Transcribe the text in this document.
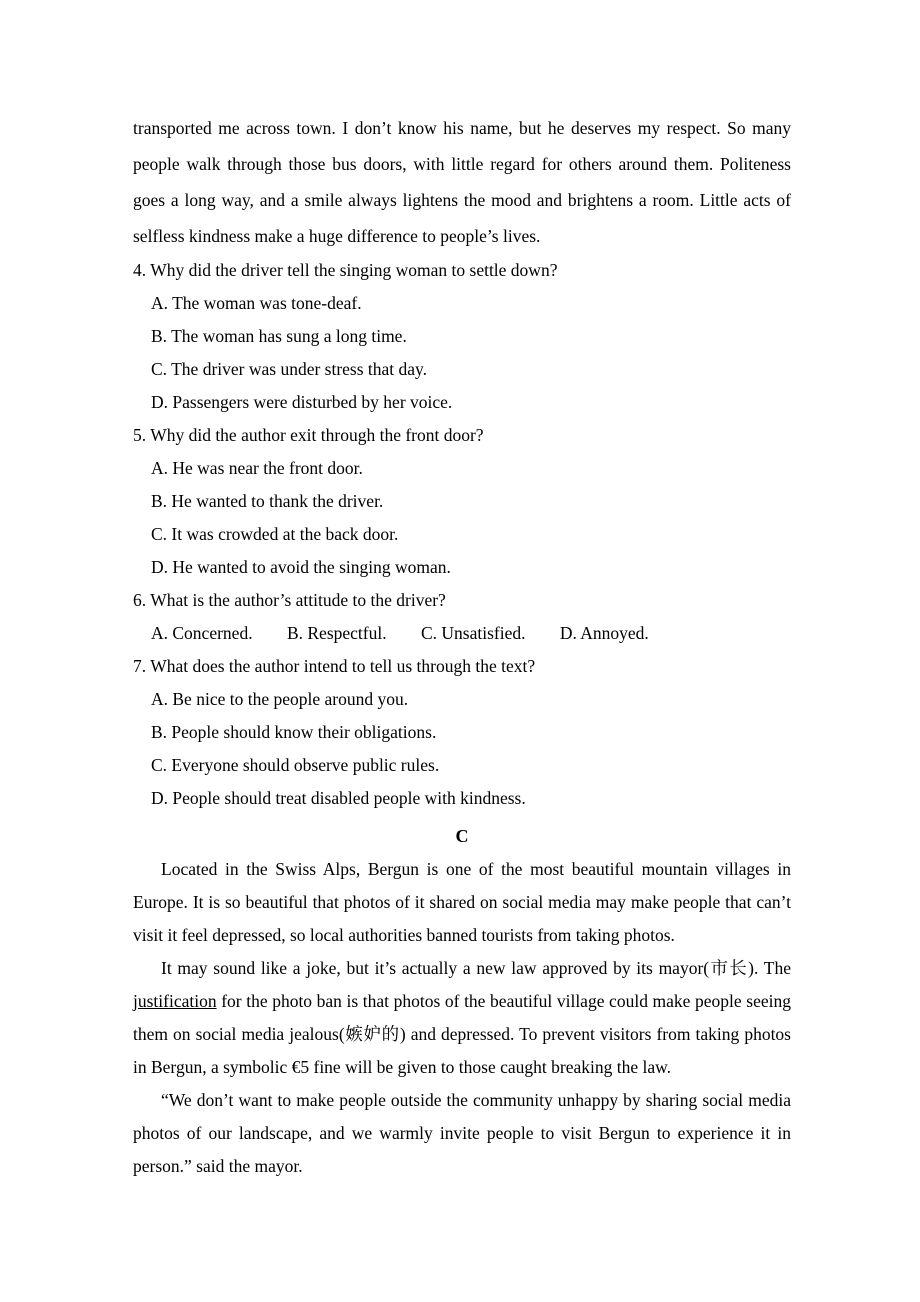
transported me across town. I don’t know his name, but he deserves my respect. So many people walk through those bus doors, with little regard for others around them. Politeness goes a long way, and a smile always lightens the mood and brightens a room. Little acts of selfless kindness make a huge difference to people’s lives.

4. Why did the driver tell the singing woman to settle down?
A. The woman was tone-deaf.
B. The woman has sung a long time.
C. The driver was under stress that day.
D. Passengers were disturbed by her voice.
5. Why did the author exit through the front door?
A. He was near the front door.
B. He wanted to thank the driver.
C. It was crowded at the back door.
D. He wanted to avoid the singing woman.
6. What is the author’s attitude to the driver?
A. Concerned. B. Respectful. C. Unsatisfied. D. Annoyed.
7. What does the author intend to tell us through the text?
A. Be nice to the people around you.
B. People should know their obligations.
C. Everyone should observe public rules.
D. People should treat disabled people with kindness.
C

Located in the Swiss Alps, Bergun is one of the most beautiful mountain villages in Europe. It is so beautiful that photos of it shared on social media may make people that can’t visit it feel depressed, so local authorities banned tourists from taking photos.

It may sound like a joke, but it’s actually a new law approved by its mayor(市长). The justification for the photo ban is that photos of the beautiful village could make people seeing them on social media jealous(嫉妒的) and depressed. To prevent visitors from taking photos in Bergun, a symbolic €5 fine will be given to those caught breaking the law.

“We don’t want to make people outside the community unhappy by sharing social media photos of our landscape, and we warmly invite people to visit Bergun to experience it in person.” said the mayor.
